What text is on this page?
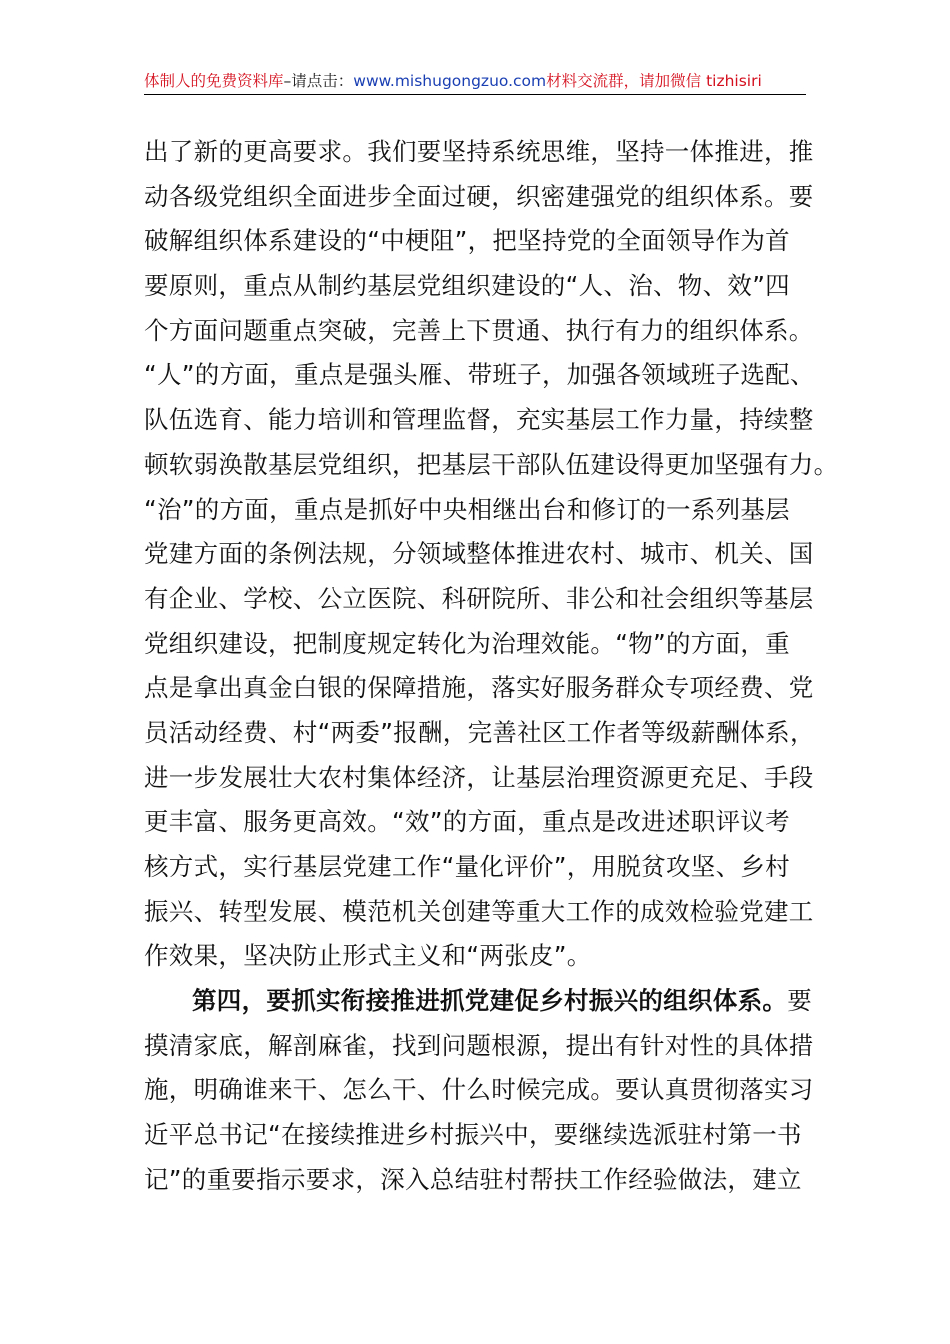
体制人的免费资料库–请点击：www.mishugongzuo.com材料交流群，请加微信 tizhisiri
出了新的更高要求。我们要坚持系统思维，坚持一体推进，推
动各级党组织全面进步全面过硬，织密建强党的组织体系。要
破解组织体系建设的“中梗阻”，把坚持党的全面领导作为首
要原则，重点从制约基层党组织建设的“人、治、物、效”四
个方面问题重点突破，完善上下贯通、执行有力的组织体系。
“人”的方面，重点是强头雁、带班子，加强各领域班子选配、
队伍选育、能力培训和管理监督，充实基层工作力量，持续整
顿软弱涣散基层党组织，把基层干部队伍建设得更加坚强有力。
“治”的方面，重点是抓好中央相继出台和修订的一系列基层
党建方面的条例法规，分领域整体推进农村、城市、机关、国
有企业、学校、公立医院、科研院所、非公和社会组织等基层
党组织建设，把制度规定转化为治理效能。“物”的方面，重
点是拿出真金白银的保障措施，落实好服务群众专项经费、党
员活动经费、村“两委”报酬，完善社区工作者等级薪酬体系，
进一步发展壮大农村集体经济，让基层治理资源更充足、手段
更丰富、服务更高效。“效”的方面，重点是改进述职评议考
核方式，实行基层党建工作“量化评价”，用脱贫攻坚、乡村
振兴、转型发展、模范机关创建等重大工作的成效检验党建工
作效果，坚决防止形式主义和“两张皮”。
第四，要抓实衔接推进抓党建促乡村振兴的组织体系。要
摸清家底，解剖麻雀，找到问题根源，提出有针对性的具体措
施，明确谁来干、怎么干、什么时候完成。要认真贯彻落实习
近平总书记“在接续推进乡村振兴中，要继续选派驻村第一书
记”的重要指示要求，深入总结驻村帮扶工作经验做法，建立
